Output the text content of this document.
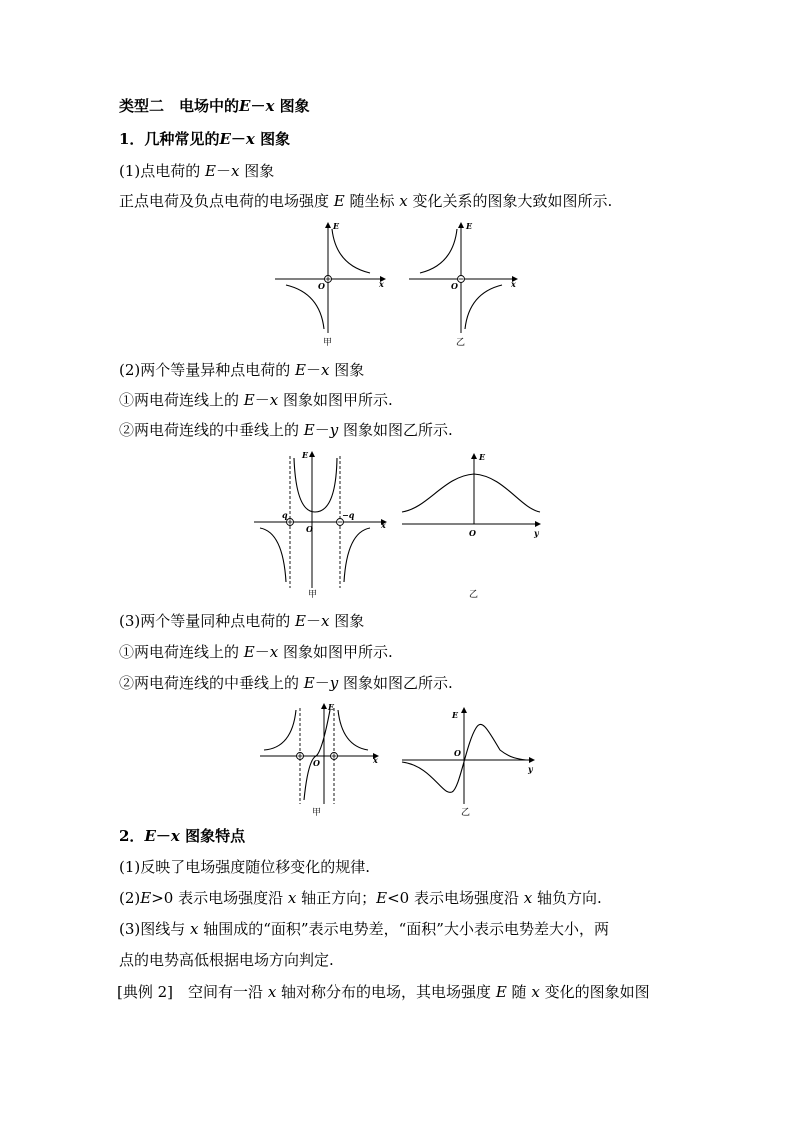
类型二　电场中的E－x 图象
1．几种常见的E－x 图象
(1)点电荷的 E－x 图象
正点电荷及负点电荷的电场强度 E 随坐标 x 变化关系的图象大致如图所示.
E
x
O
甲
E
x
O
乙
(2)两个等量异种点电荷的 E－x 图象
①两电荷连线上的 E－x 图象如图甲所示.
②两电荷连线的中垂线上的 E－y 图象如图乙所示.
E
x
O
q	−q
甲
E
y
O
乙
(3)两个等量同种点电荷的 E－x 图象
①两电荷连线上的 E－x 图象如图甲所示.
②两电荷连线的中垂线上的 E－y 图象如图乙所示.
E
x
O
甲
E
y
O
乙
2．E－x 图象特点
(1)反映了电场强度随位移变化的规律.
(2)E>0 表示电场强度沿 x 轴正方向；E<0 表示电场强度沿 x 轴负方向.
(3)图线与 x 轴围成的“面积”表示电势差，“面积”大小表示电势差大小，两
点的电势高低根据电场方向判定.
[典例 2]　空间有一沿 x 轴对称分布的电场，其电场强度 E 随 x 变化的图象如图
